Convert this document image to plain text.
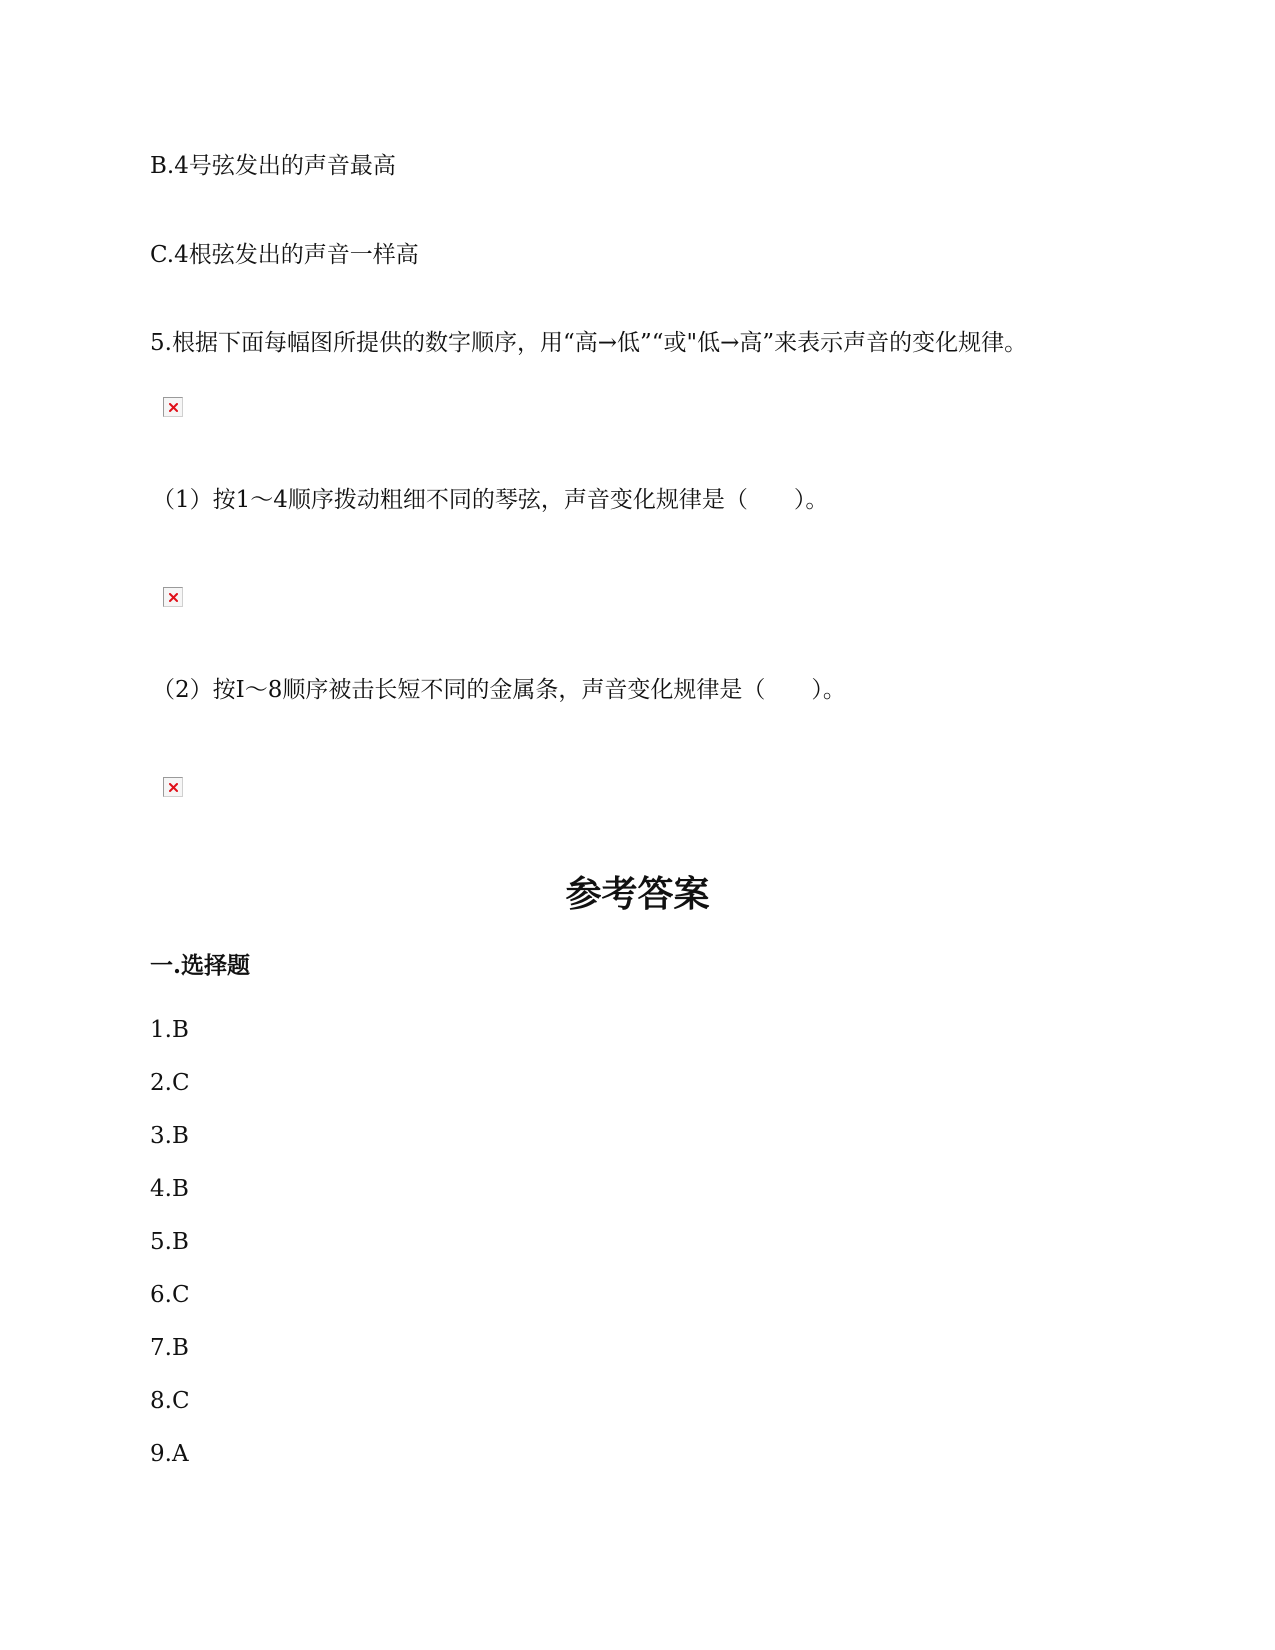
B.4号弦发出的声音最高
C.4根弦发出的声音一样高
5.根据下面每幅图所提供的数字顺序，用“高→低”“或"低→高”来表示声音的变化规律。
（1）按1～4顺序拨动粗细不同的琴弦，声音变化规律是（　　）。
（2）按I～8顺序被击长短不同的金属条，声音变化规律是（　　）。
参考答案
一.选择题
1.B
2.C
3.B
4.B
5.B
6.C
7.B
8.C
9.A
